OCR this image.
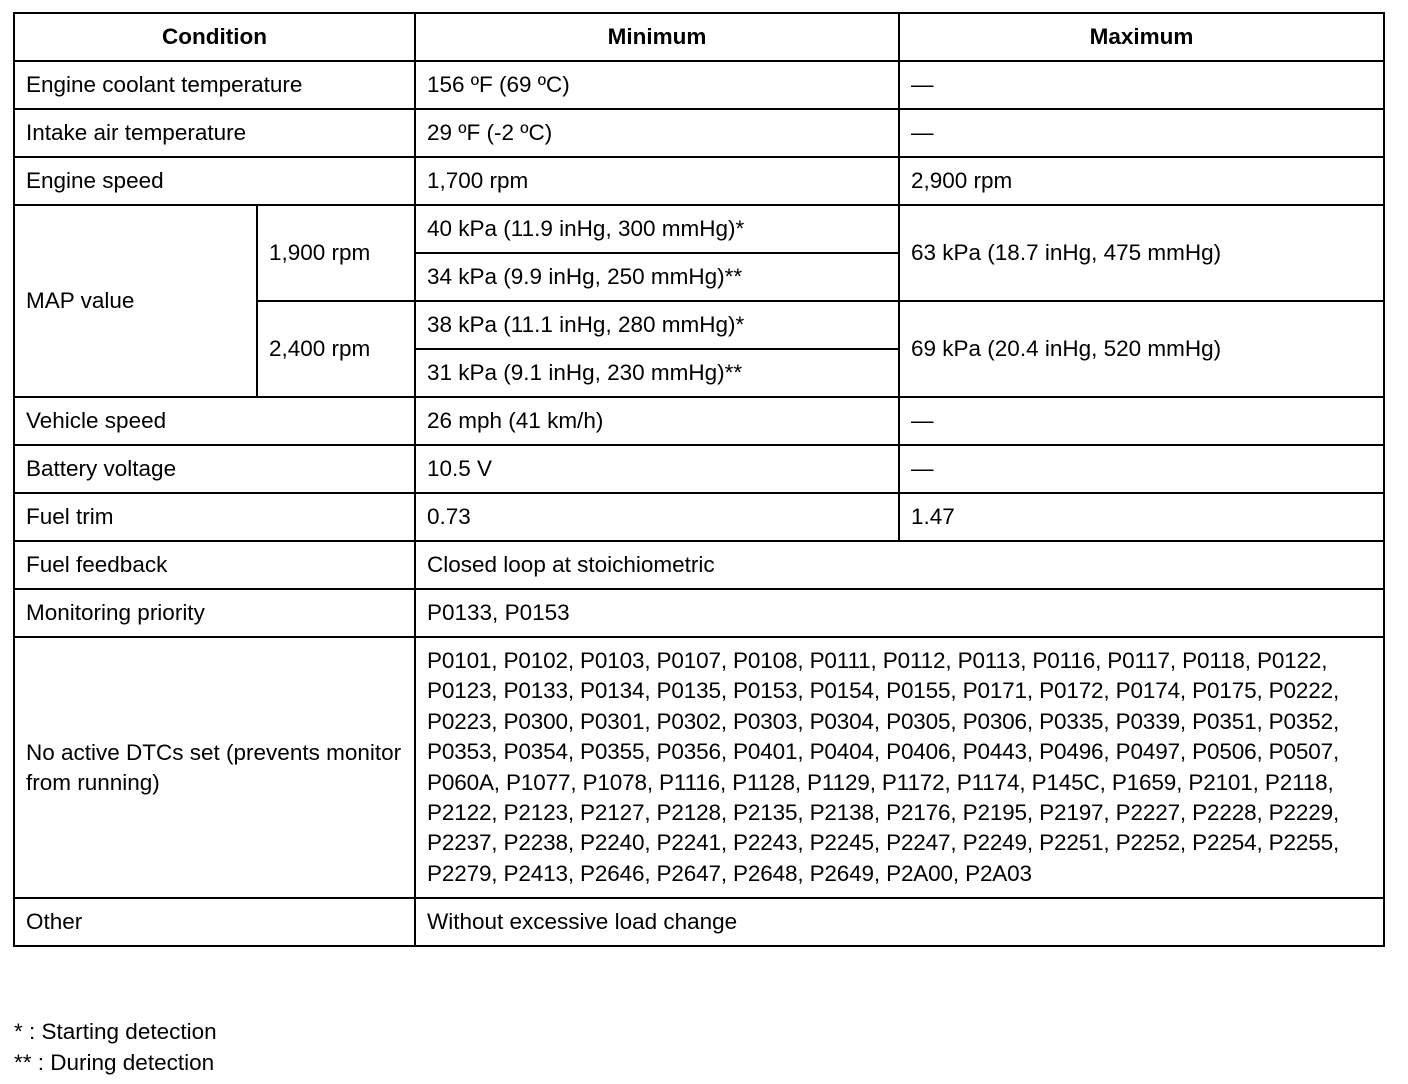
Condition		Minimum	Maximum
Engine coolant temperature		156 ºF (69 ºC)	—
Intake air temperature		29 ºF (-2 ºC)	—
Engine speed		1,700 rpm	2,900 rpm
MAP value	1,900 rpm	40 kPa (11.9 inHg, 300 mmHg)*	63 kPa (18.7 inHg, 475 mmHg)
		34 kPa (9.9 inHg, 250 mmHg)**	
	2,400 rpm	38 kPa (11.1 inHg, 280 mmHg)*	69 kPa (20.4 inHg, 520 mmHg)
		31 kPa (9.1 inHg, 230 mmHg)**	
Vehicle speed		26 mph (41 km/h)	—
Battery voltage		10.5 V	—
Fuel trim		0.73	1.47
Fuel feedback		Closed loop at stoichiometric	
Monitoring priority		P0133, P0153	
No active DTCs set (prevents monitor from running)		P0101, P0102, P0103, P0107, P0108, P0111, P0112, P0113, P0116, P0117, P0118, P0122, P0123, P0133, P0134, P0135, P0153, P0154, P0155, P0171, P0172, P0174, P0175, P0222, P0223, P0300, P0301, P0302, P0303, P0304, P0305, P0306, P0335, P0339, P0351, P0352, P0353, P0354, P0355, P0356, P0401, P0404, P0406, P0443, P0496, P0497, P0506, P0507, P060A, P1077, P1078, P1116, P1128, P1129, P1172, P1174, P145C, P1659, P2101, P2118, P2122, P2123, P2127, P2128, P2135, P2138, P2176, P2195, P2197, P2227, P2228, P2229, P2237, P2238, P2240, P2241, P2243, P2245, P2247, P2249, P2251, P2252, P2254, P2255, P2279, P2413, P2646, P2647, P2648, P2649, P2A00, P2A03	
Other		Without excessive load change	
* : Starting detection
** : During detection
